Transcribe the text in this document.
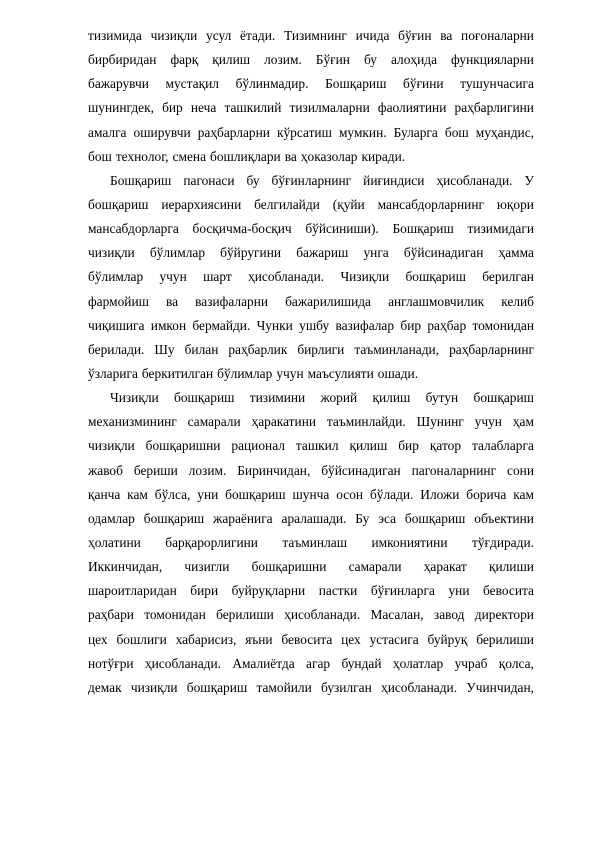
тизимида чизиқли усул ётади. Тизимнинг ичида бўғин ва поғоналарни
бирбиридан фарқ қилиш лозим. Бўғин бу алоҳида функцияларни
бажарувчи мустақил бўлинмадир. Бошқариш бўғини тушунчасига
шунингдек, бир неча ташкилий тизилмаларни фаолиятини раҳбарлигини
амалга оширувчи раҳбарларни кўрсатиш мумкин. Буларга бош муҳандис,
бош технолог, смена бошлиқлари ва ҳоказолар киради.
Бошқариш пагонаси бу бўғинларнинг йиғиндиси ҳисобланади. У
бошқариш иерархиясини белгилайди (қуйи мансабдорларнинг юқори
мансабдорларга босқичма-босқич бўйсиниши). Бошқариш тизимидаги
чизиқли бўлимлар бўйругини бажариш унга бўйсинадиган ҳамма
бўлимлар учун шарт ҳисобланади. Чизиқли бошқариш берилган
фармойиш ва вазифаларни бажарилишида англашмовчилик келиб
чиқишига имкон бермайди. Чунки ушбу вазифалар бир раҳбар томонидан
берилади. Шу билан раҳбарлик бирлиги таъминланади, раҳбарларнинг
ўзларига беркитилган бўлимлар учун маъсулияти ошади.
Чизиқли бошқариш тизимини жорий қилиш бутун бошқариш
механизмининг самарали ҳаракатини таъминлайди. Шунинг учун ҳам
чизиқли бошқаришни рационал ташкил қилиш бир қатор талабларга
жавоб бериши лозим. Биринчидан, бўйсинадиган пагоналарнинг сони
қанча кам бўлса, уни бошқариш шунча осон бўлади. Иложи борича кам
одамлар бошқариш жараёнига аралашади. Бу эса бошқариш объектини
ҳолатини барқарорлигини таъминлаш имкониятини тўғдиради.
Иккинчидан, чизигли бошқаришни самарали ҳаракат қилиши
шароитларидан бири буйруқларни пастки бўғинларга уни бевосита
раҳбари томонидан берилиши ҳисобланади. Масалан, завод директори
цех бошлиги хабарисиз, яъни бевосита цех устасига буйруқ берилиши
нотўғри ҳисобланади. Амалиётда агар бундай ҳолатлар учраб қолса,
демак чизиқли бошқариш тамойили бузилган ҳисобланади. Учинчидан,
